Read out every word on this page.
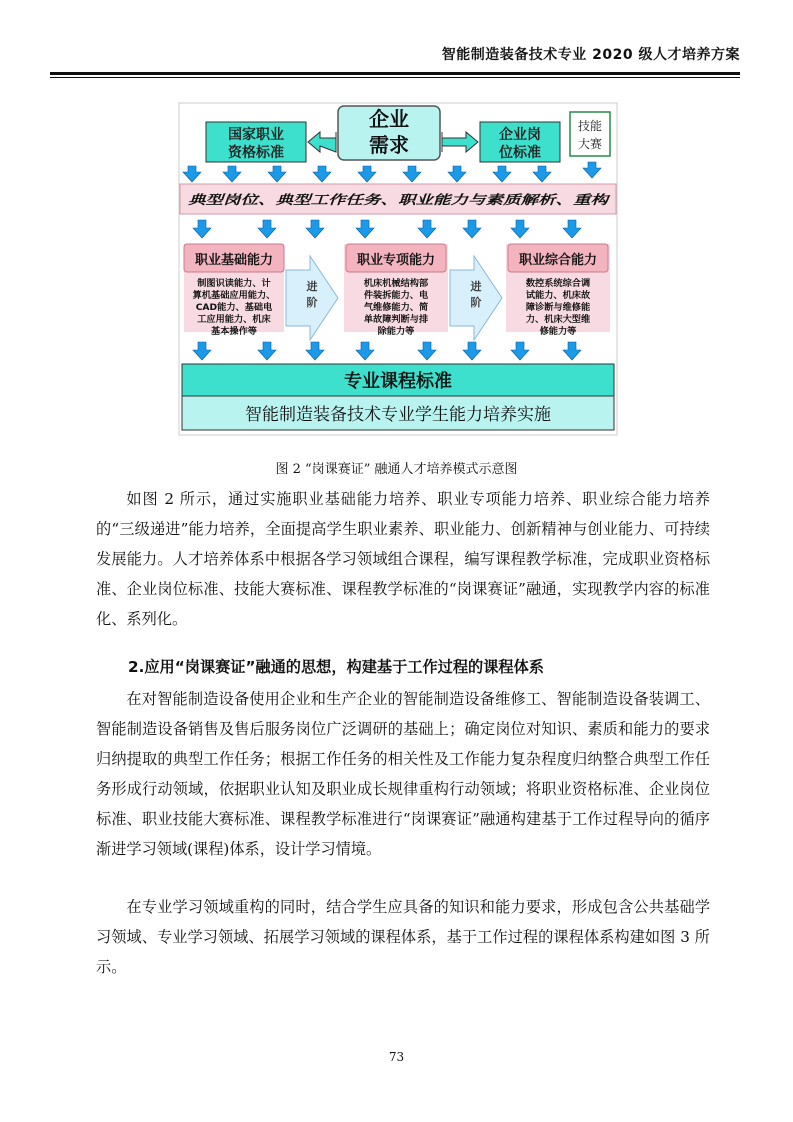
智能制造装备技术专业 2020 级人才培养方案
企业
需求
国家职业
资格标准
企业岗
位标准
技能
大赛
典型岗位、典型工作任务、职业能力与素质解析、重构
职业基础能力
制图识读能力、计
算机基础应用能力、
CAD能力、基础电
工应用能力、机床
基本操作等
进
阶
职业专项能力
机床机械结构部
件装拆能力、电
气维修能力、简
单故障判断与排
除能力等
进
阶
职业综合能力
数控系统综合调
试能力、机床故
障诊断与维修能
力、机床大型维
修能力等
专业课程标准
智能制造装备技术专业学生能力培养实施
图 2 “岗课赛证” 融通人才培养模式示意图

如图 2 所示，通过实施职业基础能力培养、职业专项能力培养、职业综合能力培养的“三级递进”能力培养，全面提高学生职业素养、职业能力、创新精神与创业能力、可持续发展能力。人才培养体系中根据各学习领域组合课程，编写课程教学标准，完成职业资格标准、企业岗位标准、技能大赛标准、课程教学标准的“岗课赛证”融通，实现教学内容的标准化、系列化。

2.应用“岗课赛证”融通的思想，构建基于工作过程的课程体系

在对智能制造设备使用企业和生产企业的智能制造设备维修工、智能制造设备装调工、智能制造设备销售及售后服务岗位广泛调研的基础上；确定岗位对知识、素质和能力的要求归纳提取的典型工作任务；根据工作任务的相关性及工作能力复杂程度归纳整合典型工作任务形成行动领域，依据职业认知及职业成长规律重构行动领域；将职业资格标准、企业岗位标准、职业技能大赛标准、课程教学标准进行“岗课赛证”融通构建基于工作过程导向的循序渐进学习领域(课程)体系，设计学习情境。

在专业学习领域重构的同时，结合学生应具备的知识和能力要求，形成包含公共基础学习领域、专业学习领域、拓展学习领域的课程体系，基于工作过程的课程体系构建如图 3 所示。

73
